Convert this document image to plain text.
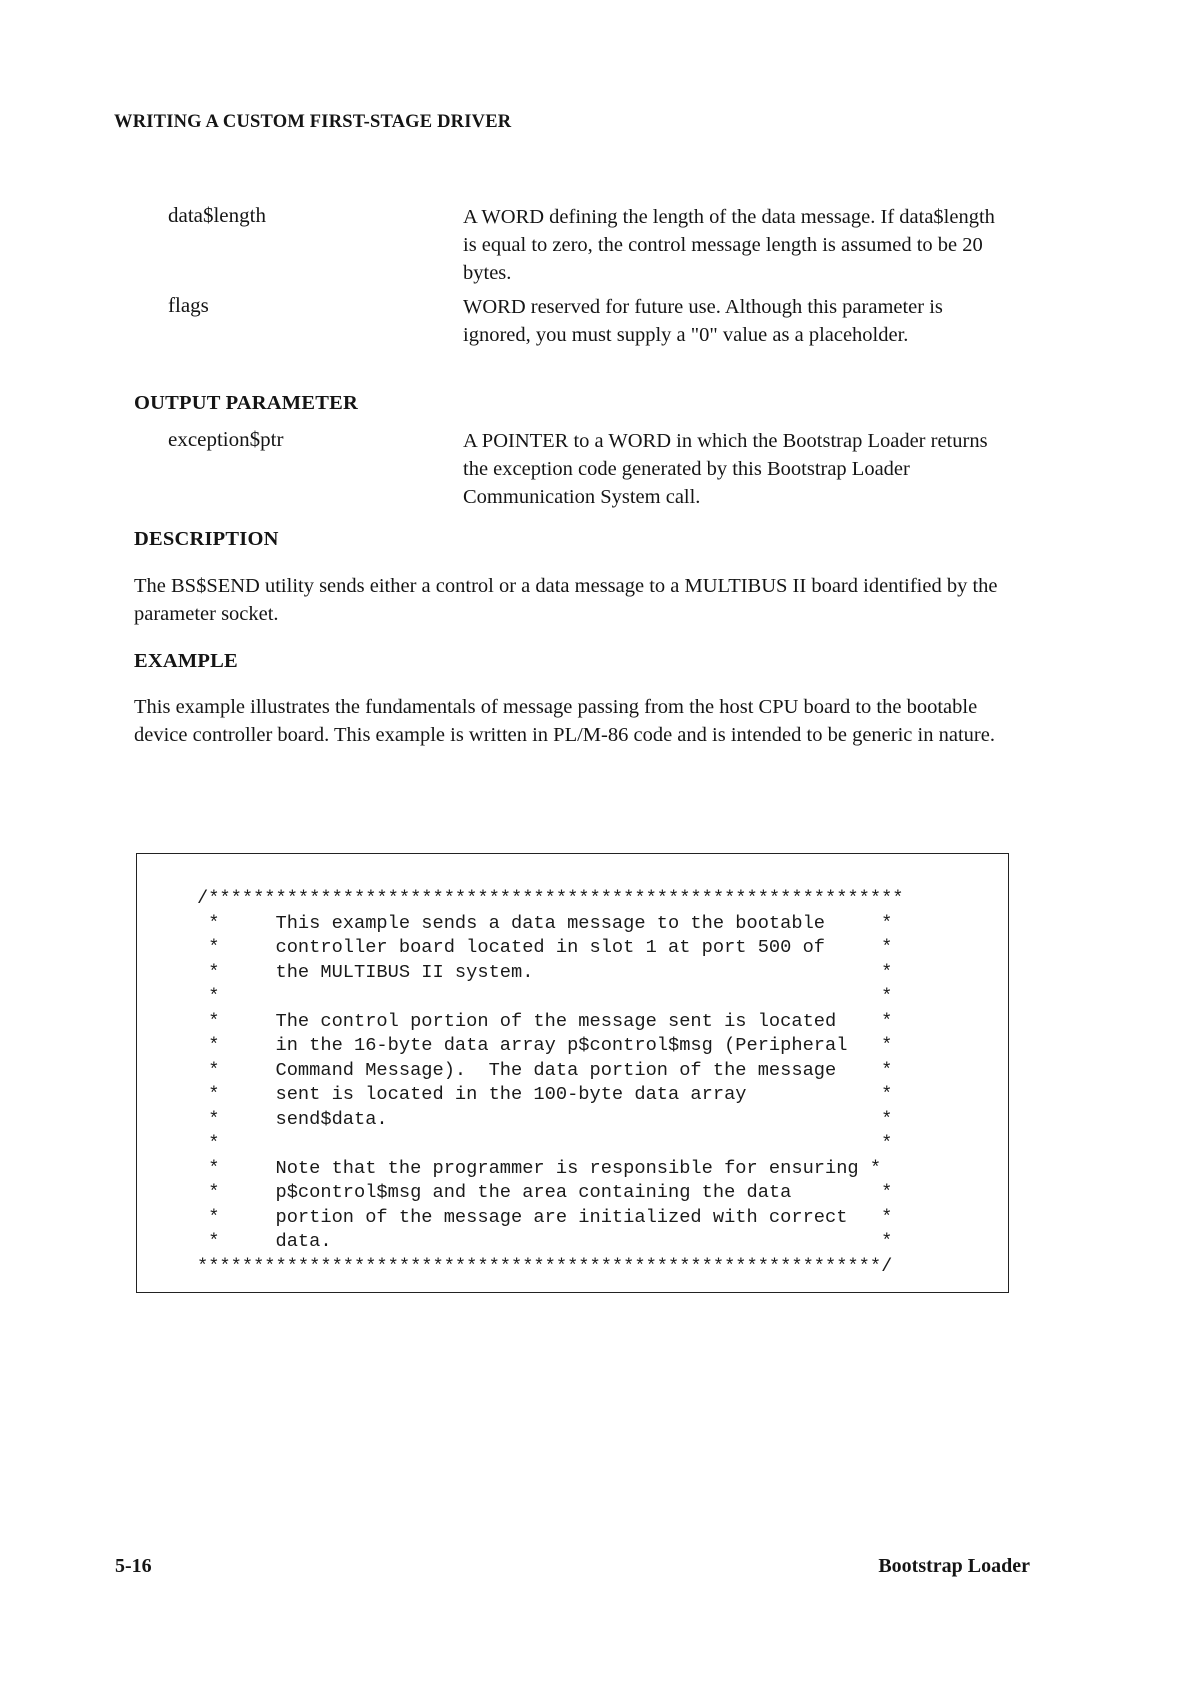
WRITING A CUSTOM FIRST-STAGE DRIVER
data$length	A WORD defining the length of the data message. If data$length is equal to zero, the control message length is assumed to be 20 bytes.
flags	WORD reserved for future use. Although this parameter is ignored, you must supply a "0" value as a placeholder.
OUTPUT PARAMETER
exception$ptr	A POINTER to a WORD in which the Bootstrap Loader returns the exception code generated by this Bootstrap Loader Communication System call.
DESCRIPTION
The BS$SEND utility sends either a control or a data message to a MULTIBUS II board identified by the parameter socket.
EXAMPLE
This example illustrates the fundamentals of message passing from the host CPU board to the bootable device controller board. This example is written in PL/M-86 code and is intended to be generic in nature.
/**************************************************************
*     This example sends a data message to the bootable     *
*     controller board located in slot 1 at port 500 of     *
*     the MULTIBUS II system.                               *
*                                                           *
*     The control portion of the message sent is located    *
*     in the 16-byte data array p$control$msg (Peripheral   *
*     Command Message).  The data portion of the message    *
*     sent is located in the 100-byte data array            *
*     send$data.                                            *
*                                                           *
*     Note that the programmer is responsible for ensuring *
*     p$control$msg and the area containing the data        *
*     portion of the message are initialized with correct   *
*     data.                                                 *
*************************************************************/
5-16	Bootstrap Loader
